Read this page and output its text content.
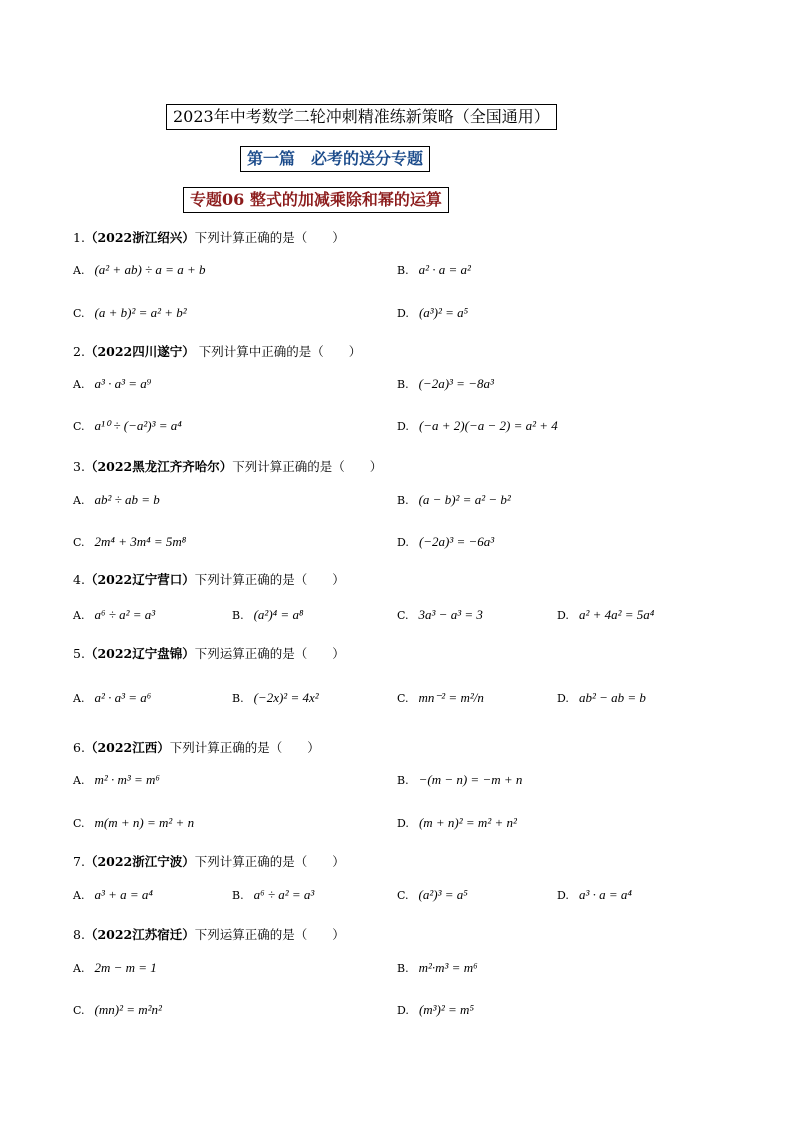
2023年中考数学二轮冲刺精准练新策略（全国通用）
第一篇　必考的送分专题
专题06 整式的加减乘除和幂的运算
1.（2022浙江绍兴）下列计算正确的是（　　）
A. (a² + ab) ÷ a = a + b	B. a² · a = a²
C. (a + b)² = a² + b²	D. (a³)² = a⁵
2.（2022四川遂宁） 下列计算中正确的是（　　）
A. a³ · a³ = a⁹	B. (−2a)³ = −8a³
C. a¹⁰ ÷ (−a²)³ = a⁴	D. (−a + 2)(−a − 2) = a² + 4
3.（2022黑龙江齐齐哈尔）下列计算正确的是（　　）
A. ab² ÷ ab = b	B. (a − b)² = a² − b²
C. 2m⁴ + 3m⁴ = 5m⁸	D. (−2a)³ = −6a³
4.（2022辽宁营口）下列计算正确的是（　　）
A. a⁶ ÷ a² = a³	B. (a²)⁴ = a⁸	C. 3a³ − a³ = 3	D. a² + 4a² = 5a⁴
5.（2022辽宁盘锦）下列运算正确的是（　　）
A. a² · a³ = a⁶	B. (−2x)² = 4x²	C. mn⁻² = m²/n	D. ab² − ab = b
6.（2022江西）下列计算正确的是（　　）
A. m² · m³ = m⁶	B. −(m − n) = −m + n
C. m(m + n) = m² + n	D. (m + n)² = m² + n²
7.（2022浙江宁波）下列计算正确的是（　　）
A. a³ + a = a⁴	B. a⁶ ÷ a² = a³	C. (a²)³ = a⁵	D. a³ · a = a⁴
8.（2022江苏宿迁）下列运算正确的是（　　）
A. 2m − m = 1	B. m²·m³ = m⁶
C. (mn)² = m²n²	D. (m³)² = m⁵
